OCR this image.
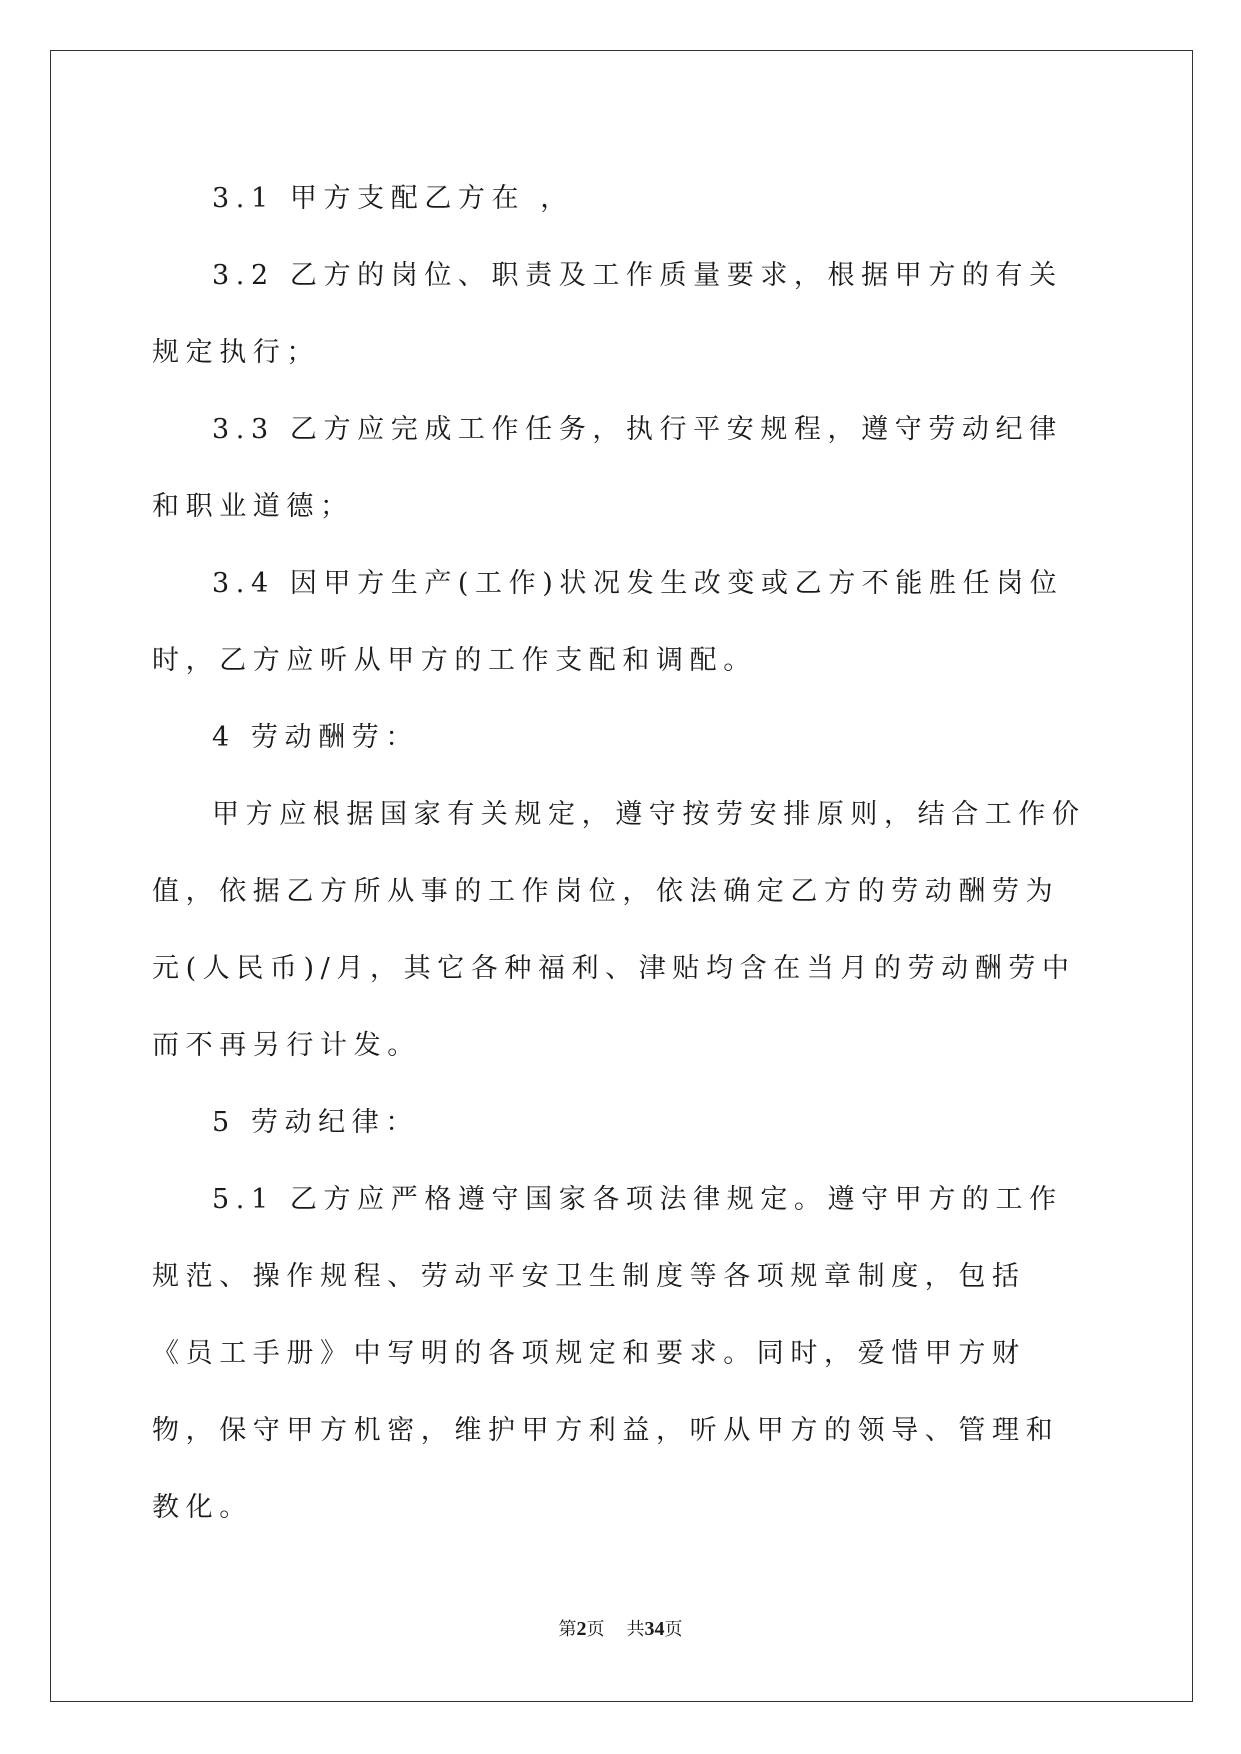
3.1 甲方支配乙方在 ，

3.2 乙方的岗位、职责及工作质量要求，根据甲方的有关规定执行；

3.3 乙方应完成工作任务，执行平安规程，遵守劳动纪律和职业道德；

3.4 因甲方生产(工作)状况发生改变或乙方不能胜任岗位时，乙方应听从甲方的工作支配和调配。

4 劳动酬劳：

甲方应根据国家有关规定，遵守按劳安排原则，结合工作价值，依据乙方所从事的工作岗位，依法确定乙方的劳动酬劳为 元(人民币)/月，其它各种福利、津贴均含在当月的劳动酬劳中而不再另行计发。

5 劳动纪律：

5.1 乙方应严格遵守国家各项法律规定。遵守甲方的工作规范、操作规程、劳动平安卫生制度等各项规章制度，包括《员工手册》中写明的各项规定和要求。同时，爱惜甲方财物，保守甲方机密，维护甲方利益，听从甲方的领导、管理和教化。

第2页 共34页
